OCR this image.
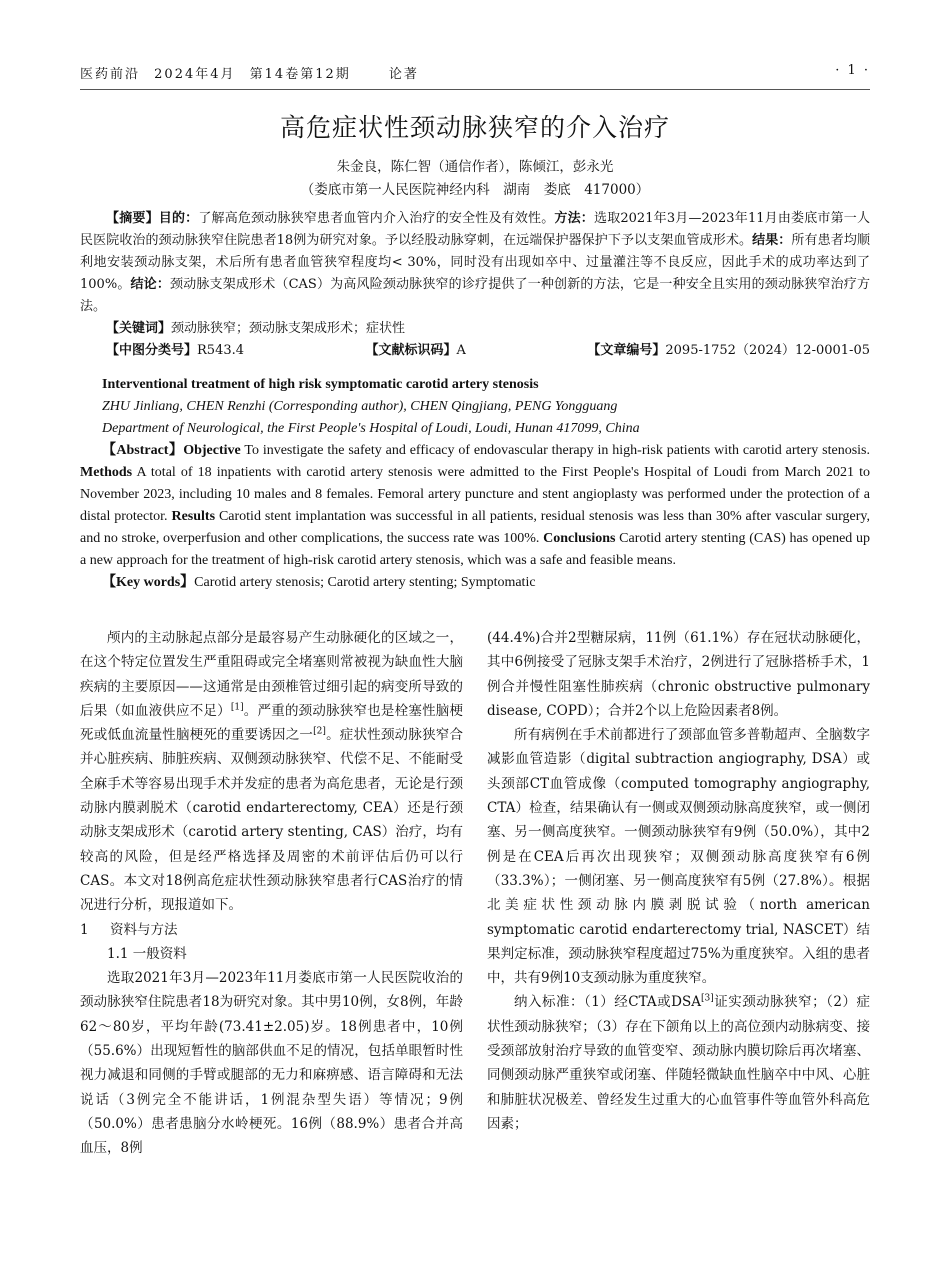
医药前沿 2024年4月 第14卷第12期	论著	· 1 ·
高危症状性颈动脉狭窄的介入治疗
朱金良，陈仁智（通信作者），陈倾江，彭永光
（娄底市第一人民医院神经内科　湖南　娄底　417000）

【摘要】目的：了解高危颈动脉狭窄患者血管内介入治疗的安全性及有效性。方法：选取2021年3月—2023年11月由娄底市第一人民医院收治的颈动脉狭窄住院患者18例为研究对象。予以经股动脉穿刺，在远端保护器保护下予以支架血管成形术。结果：所有患者均顺利地安装颈动脉支架，术后所有患者血管狭窄程度均< 30%，同时没有出现如卒中、过量灌注等不良反应，因此手术的成功率达到了100%。结论：颈动脉支架成形术（CAS）为高风险颈动脉狭窄的诊疗提供了一种创新的方法，它是一种安全且实用的颈动脉狭窄治疗方法。

【关键词】颈动脉狭窄；颈动脉支架成形术；症状性

【中图分类号】R543.4	【文献标识码】A	【文章编号】2095-1752（2024）12-0001-05

Interventional treatment of high risk symptomatic carotid artery stenosis

ZHU Jinliang, CHEN Renzhi (Corresponding author), CHEN Qingjiang, PENG Yongguang

Department of Neurological, the First People's Hospital of Loudi, Loudi, Hunan 417099, China

【Abstract】Objective To investigate the safety and efficacy of endovascular therapy in high-risk patients with carotid artery stenosis. Methods A total of 18 inpatients with carotid artery stenosis were admitted to the First People's Hospital of Loudi from March 2021 to November 2023, including 10 males and 8 females. Femoral artery puncture and stent angioplasty was performed under the protection of a distal protector. Results Carotid stent implantation was successful in all patients, residual stenosis was less than 30% after vascular surgery, and no stroke, overperfusion and other complications, the success rate was 100%. Conclusions Carotid artery stenting (CAS) has opened up a new approach for the treatment of high-risk carotid artery stenosis, which was a safe and feasible means.

【Key words】Carotid artery stenosis; Carotid artery stenting; Symptomatic

颅内的主动脉起点部分是最容易产生动脉硬化的区域之一，在这个特定位置发生严重阻碍或完全堵塞则常被视为缺血性大脑疾病的主要原因——这通常是由颈椎管过细引起的病变所导致的后果（如血液供应不足）[1]。严重的颈动脉狭窄也是栓塞性脑梗死或低血流量性脑梗死的重要诱因之一[2]。症状性颈动脉狭窄合并心脏疾病、肺脏疾病、双侧颈动脉狭窄、代偿不足、不能耐受全麻手术等容易出现手术并发症的患者为高危患者，无论是行颈动脉内膜剥脱术（carotid endarterectomy, CEA）还是行颈动脉支架成形术（carotid artery stenting, CAS）治疗，均有较高的风险，但是经严格选择及周密的术前评估后仍可以行CAS。本文对18例高危症状性颈动脉狭窄患者行CAS治疗的情况进行分析，现报道如下。

1 资料与方法

1.1 一般资料

选取2021年3月—2023年11月娄底市第一人民医院收治的颈动脉狭窄住院患者18为研究对象。其中男10例，女8例，年龄62～80岁，平均年龄(73.41±2.05)岁。18例患者中，10例（55.6%）出现短暂性的脑部供血不足的情况，包括单眼暂时性视力减退和同侧的手臂或腿部的无力和麻痹感、语言障碍和无法说话（3例完全不能讲话，1例混杂型失语）等情况；9例（50.0%）患者患脑分水岭梗死。16例（88.9%）患者合并高血压，8例

(44.4%)合并2型糖尿病，11例（61.1%）存在冠状动脉硬化，其中6例接受了冠脉支架手术治疗，2例进行了冠脉搭桥手术，1例合并慢性阻塞性肺疾病（chronic obstructive pulmonary disease, COPD）；合并2个以上危险因素者8例。

所有病例在手术前都进行了颈部血管多普勒超声、全脑数字减影血管造影（digital subtraction angiography, DSA）或头颈部CT血管成像（computed tomography angiography, CTA）检查，结果确认有一侧或双侧颈动脉高度狭窄，或一侧闭塞、另一侧高度狭窄。一侧颈动脉狭窄有9例（50.0%），其中2例是在CEA后再次出现狭窄；双侧颈动脉高度狭窄有6例（33.3%）；一侧闭塞、另一侧高度狭窄有5例（27.8%）。根据北美症状性颈动脉内膜剥脱试验（north american symptomatic carotid endarterectomy trial, NASCET）结果判定标准，颈动脉狭窄程度超过75%为重度狭窄。入组的患者中，共有9例10支颈动脉为重度狭窄。

纳入标准：（1）经CTA或DSA[3]证实颈动脉狭窄；（2）症状性颈动脉狭窄；（3）存在下颌角以上的高位颈内动脉病变、接受颈部放射治疗导致的血管变窄、颈动脉内膜切除后再次堵塞、同侧颈动脉严重狭窄或闭塞、伴随轻微缺血性脑卒中中风、心脏和肺脏状况极差、曾经发生过重大的心血管事件等血管外科高危因素；
